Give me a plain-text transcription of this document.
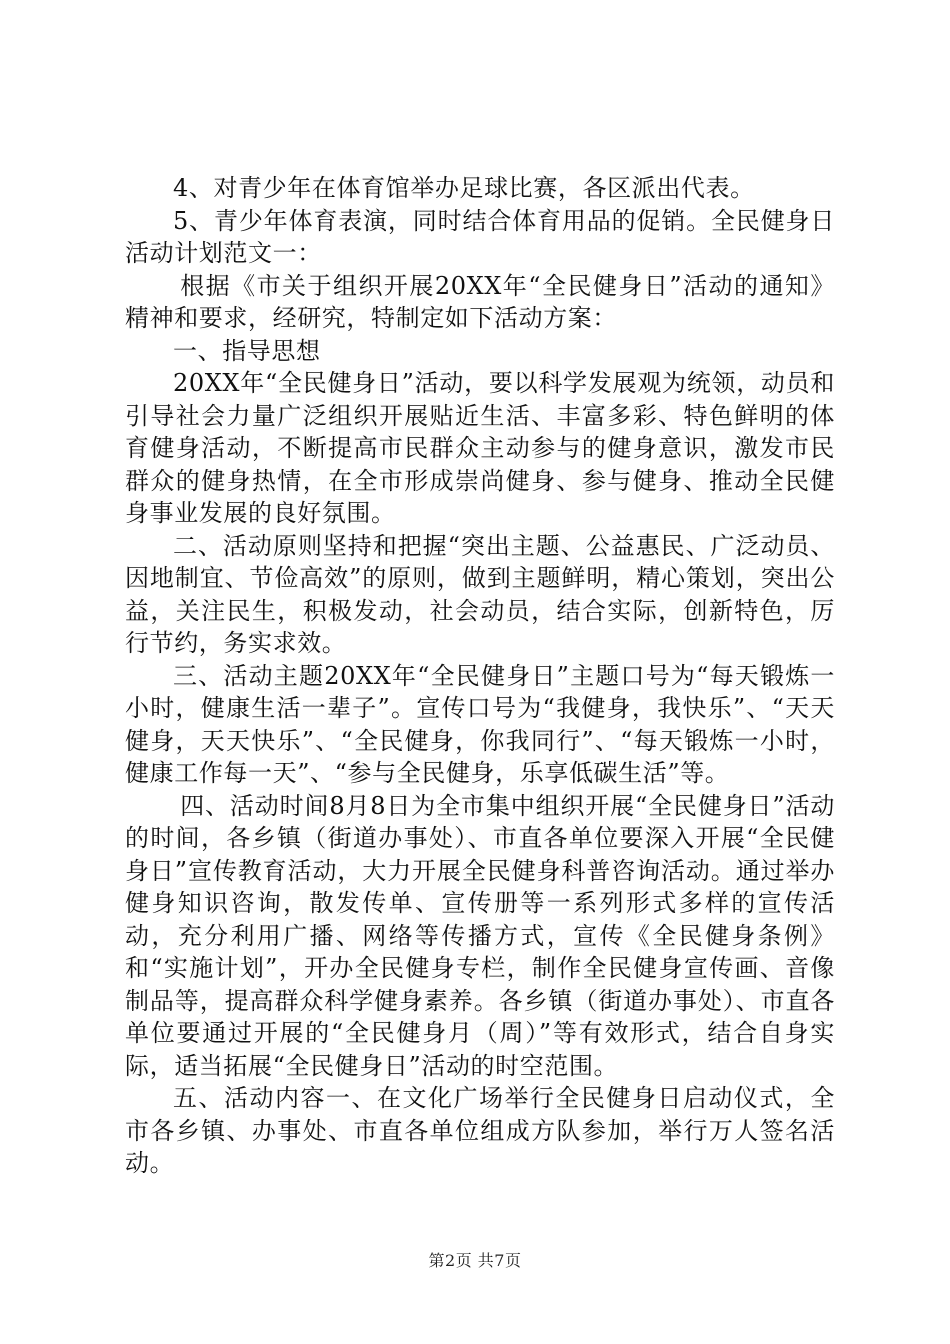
4、对青少年在体育馆举办足球比赛，各区派出代表。

5、青少年体育表演，同时结合体育用品的促销。全民健身日活动计划范文一：

根据《市关于组织开展20XX年“全民健身日”活动的通知》精神和要求，经研究，特制定如下活动方案：

一、指导思想

20XX年“全民健身日”活动，要以科学发展观为统领，动员和引导社会力量广泛组织开展贴近生活、丰富多彩、特色鲜明的体育健身活动，不断提高市民群众主动参与的健身意识，激发市民群众的健身热情，在全市形成崇尚健身、参与健身、推动全民健身事业发展的良好氛围。

二、活动原则坚持和把握“突出主题、公益惠民、广泛动员、因地制宜、节俭高效”的原则，做到主题鲜明，精心策划，突出公益，关注民生，积极发动，社会动员，结合实际，创新特色，厉行节约，务实求效。

三、活动主题20XX年“全民健身日”主题口号为“每天锻炼一小时，健康生活一辈子”。宣传口号为“我健身，我快乐”、“天天健身，天天快乐”、“全民健身，你我同行”、“每天锻炼一小时，健康工作每一天”、“参与全民健身，乐享低碳生活”等。

四、活动时间8月8日为全市集中组织开展“全民健身日”活动的时间，各乡镇（街道办事处）、市直各单位要深入开展“全民健身日”宣传教育活动，大力开展全民健身科普咨询活动。通过举办健身知识咨询，散发传单、宣传册等一系列形式多样的宣传活动，充分利用广播、网络等传播方式，宣传《全民健身条例》和“实施计划”，开办全民健身专栏，制作全民健身宣传画、音像制品等，提高群众科学健身素养。各乡镇（街道办事处）、市直各单位要通过开展的“全民健身月（周）”等有效形式，结合自身实际，适当拓展“全民健身日”活动的时空范围。

五、活动内容一、在文化广场举行全民健身日启动仪式，全市各乡镇、办事处、市直各单位组成方队参加，举行万人签名活动。

第2页 共7页
